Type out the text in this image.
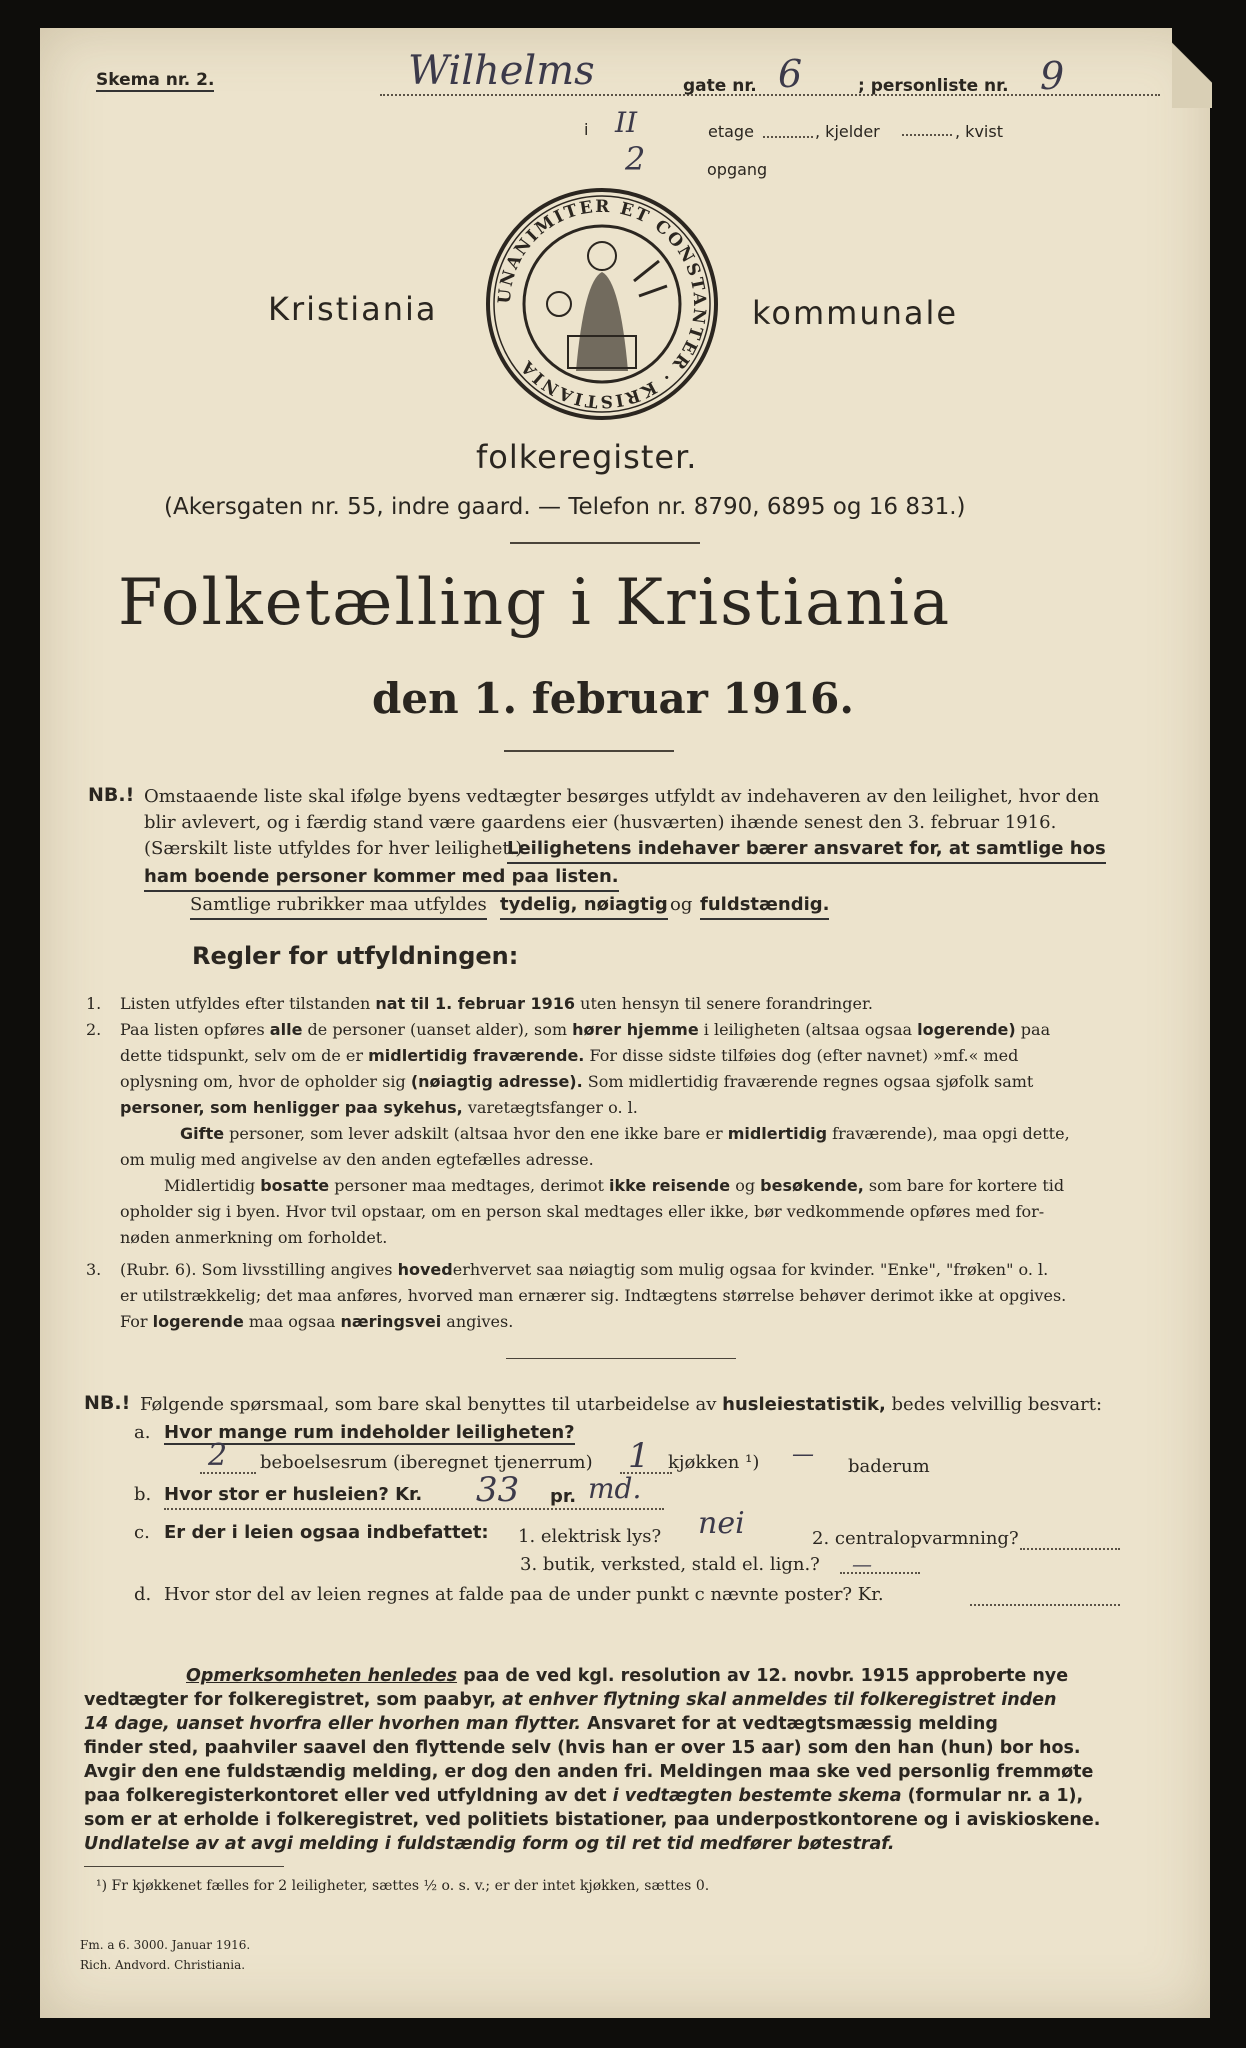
Skema nr. 2.	Wilhelms	gate nr. 6	; personliste nr. 9
i II	etage	, kjelder	, kvist
2	opgang
Kristiania	UNANIMITER ET CONSTANTER · KRISTIANIA
kommunale
folkeregister.
(Akersgaten nr. 55, indre gaard. — Telefon nr. 8790, 6895 og 16 831.)
Folketælling i Kristiania
den 1. februar 1916.
NB.! Omstaaende liste skal ifølge byens vedtægter besørges utfyldt av indehaveren av den leilighet, hvor den
blir avlevert, og i færdig stand være gaardens eier (husværten) ihænde senest den 3. februar 1916.
(Særskilt liste utfyldes for hver leilighet.)
Leilighetens indehaver bærer ansvaret for, at samtlige hos
ham boende personer kommer med paa listen.
Samtlige rubrikker maa utfyldes tydelig, nøiagtig og fuldstændig.
Regler for utfyldningen:
1. Listen utfyldes efter tilstanden nat til 1. februar 1916 uten hensyn til senere forandringer.
2. Paa listen opføres alle de personer (uanset alder), som hører hjemme i leiligheten (altsaa ogsaa logerende) paa
dette tidspunkt, selv om de er midlertidig fraværende. For disse sidste tilføies dog (efter navnet) »mf.« med
oplysning om, hvor de opholder sig (nøiagtig adresse). Som midlertidig fraværende regnes ogsaa sjøfolk samt
personer, som henligger paa sykehus, varetægtsfanger o. l.
Gifte personer, som lever adskilt (altsaa hvor den ene ikke bare er midlertidig fraværende), maa opgi dette,
om mulig med angivelse av den anden egtefælles adresse.
Midlertidig bosatte personer maa medtages, derimot ikke reisende og besøkende, som bare for kortere tid
opholder sig i byen. Hvor tvil opstaar, om en person skal medtages eller ikke, bør vedkommende opføres med for-
nøden anmerkning om forholdet.
3. (Rubr. 6). Som livsstilling angives hovederhvervet saa nøiagtig som mulig ogsaa for kvinder. "Enke", "frøken" o. l.
er utilstrækkelig; det maa anføres, hvorved man ernærer sig. Indtægtens størrelse behøver derimot ikke at opgives.
For logerende maa ogsaa næringsvei angives.
NB.! Følgende spørsmaal, som bare skal benyttes til utarbeidelse av husleiestatistik, bedes velvillig besvart:
a. Hvor mange rum indeholder leiligheten?
2 beboelsesrum (iberegnet tjenerrum) 1 kjøkken ¹) — baderum
b. Hvor stor er husleien? Kr. 33 pr. md.
c. Er der i leien ogsaa indbefattet: 1. elektrisk lys? nei	2. centralopvarmning?
3. butik, verksted, stald el. lign.? —
d. Hvor stor del av leien regnes at falde paa de under punkt c nævnte poster? Kr.
Opmerksomheten henledes paa de ved kgl. resolution av 12. novbr. 1915 approberte nye
vedtægter for folkeregistret, som paabyr, at enhver flytning skal anmeldes til folkeregistret inden
14 dage, uanset hvorfra eller hvorhen man flytter. Ansvaret for at vedtægtsmæssig melding
finder sted, paahviler saavel den flyttende selv (hvis han er over 15 aar) som den han (hun) bor hos.
Avgir den ene fuldstændig melding, er dog den anden fri. Meldingen maa ske ved personlig fremmøte
paa folkeregisterkontoret eller ved utfyldning av det i vedtægten bestemte skema (formular nr. a 1),
som er at erholde i folkeregistret, ved politiets bistationer, paa underpostkontorene og i aviskioskene.
Undlatelse av at avgi melding i fuldstændig form og til ret tid medfører bøtestraf.
¹) Fr kjøkkenet fælles for 2 leiligheter, sættes ½ o. s. v.; er der intet kjøkken, sættes 0.
Fm. a 6. 3000. Januar 1916.
Rich. Andvord. Christiania.
